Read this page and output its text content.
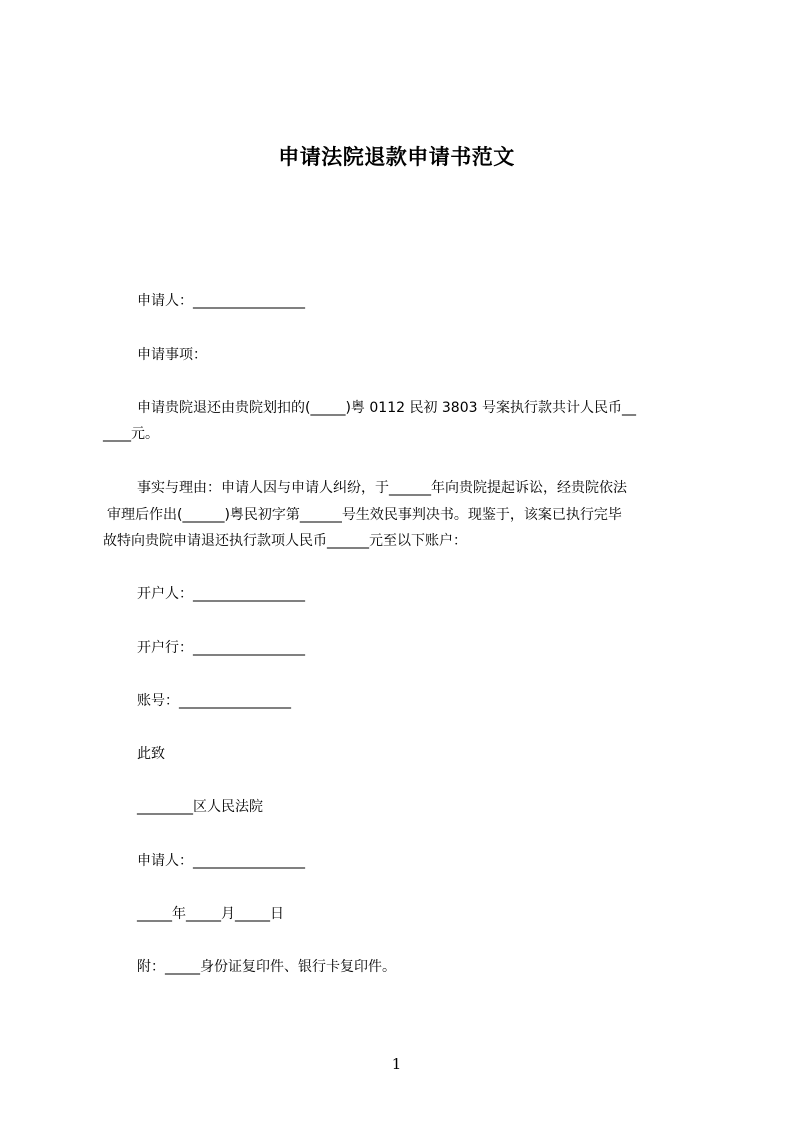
申请法院退款申请书范文
申请人：________________
申请事项：
申请贵院退还由贵院划扣的(_____)粤 0112 民初 3803 号案执行款共计人民币__
____元。
事实与理由：申请人因与申请人纠纷，于______年向贵院提起诉讼，经贵院依法
审理后作出(______)粤民初字第______号生效民事判决书。现鉴于，该案已执行完毕
故特向贵院申请退还执行款项人民币______元至以下账户：
开户人：________________
开户行：________________
账号：________________
此致
________区人民法院
申请人：________________
_____年_____月_____日
附：_____身份证复印件、银行卡复印件。
1
